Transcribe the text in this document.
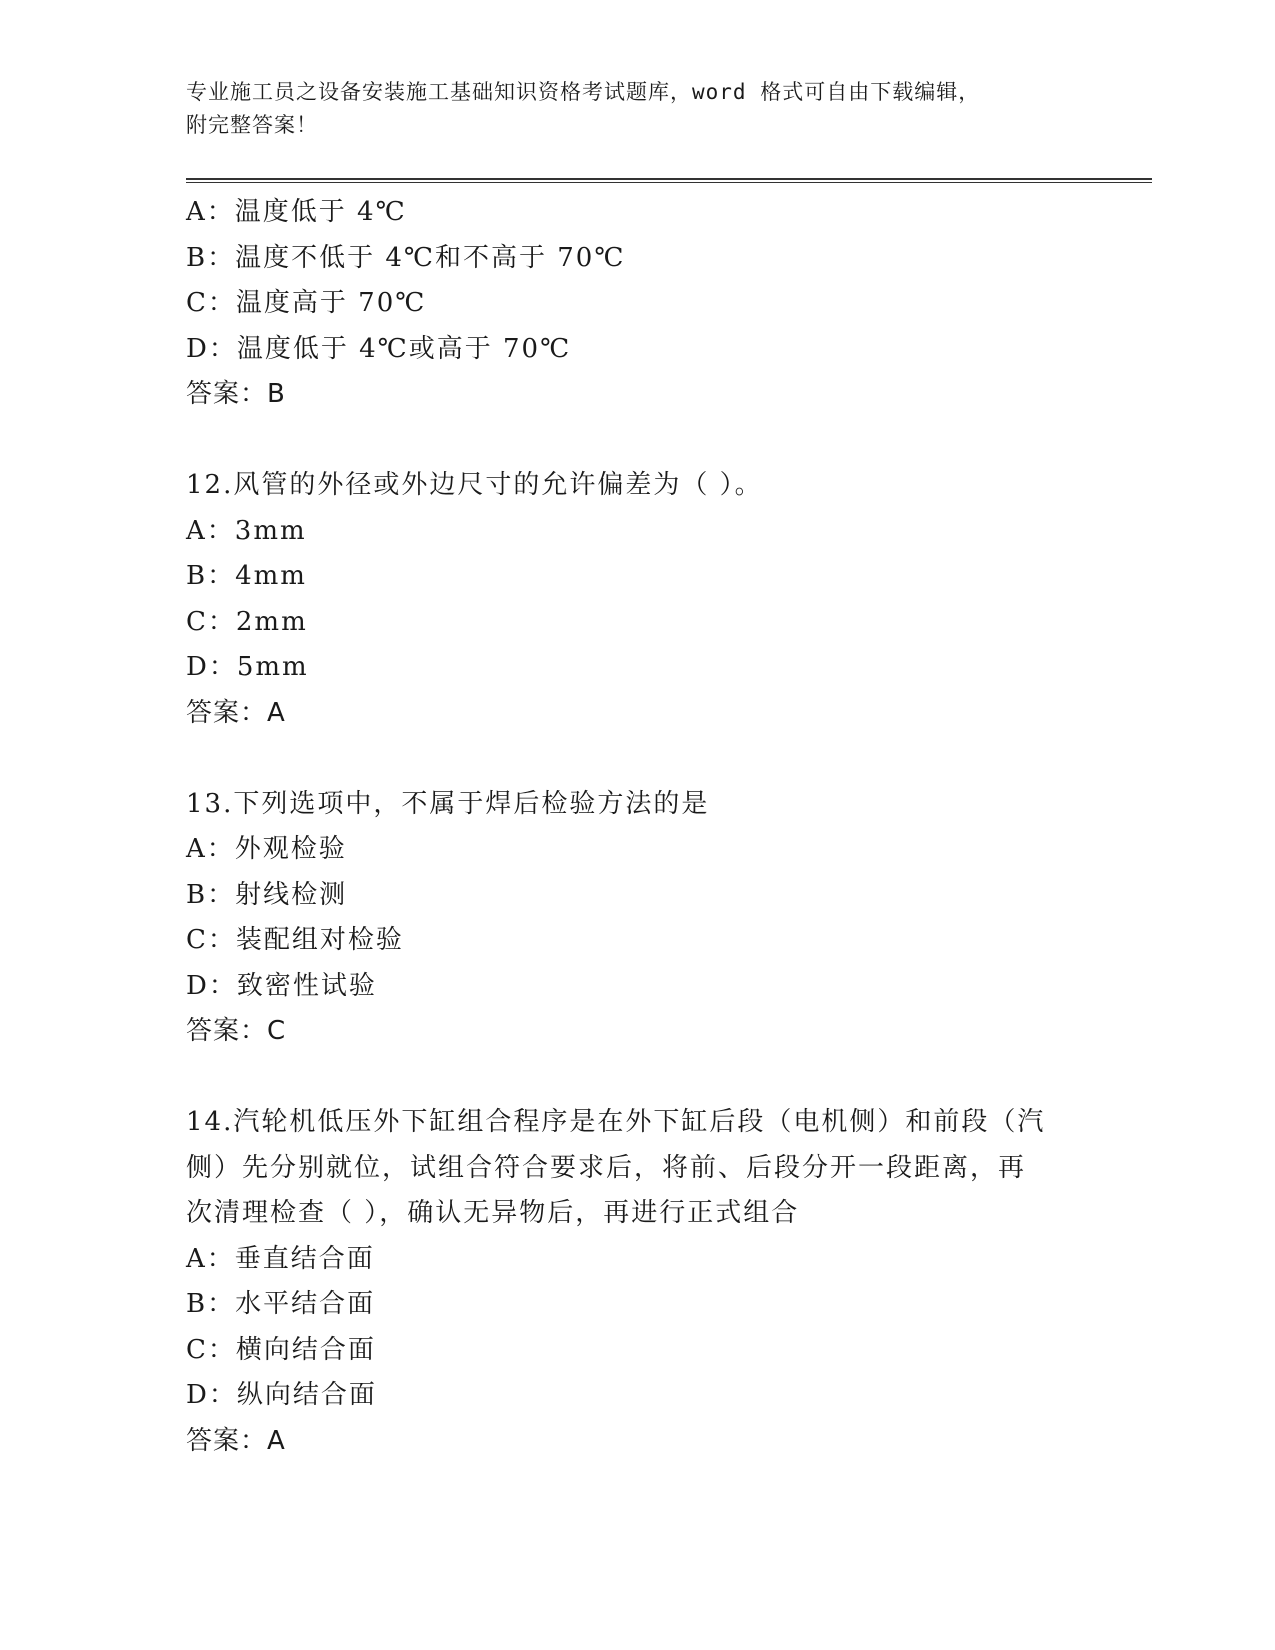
专业施工员之设备安装施工基础知识资格考试题库，word 格式可自由下载编辑，
附完整答案！
A：温度低于 4℃
B：温度不低于 4℃和不高于 70℃
C：温度高于 70℃
D：温度低于 4℃或高于 70℃
答案：B
12.风管的外径或外边尺寸的允许偏差为（ ）。
A：3mm
B：4mm
C：2mm
D：5mm
答案：A
13.下列选项中，不属于焊后检验方法的是
A：外观检验
B：射线检测
C：装配组对检验
D：致密性试验
答案：C
14.汽轮机低压外下缸组合程序是在外下缸后段（电机侧）和前段（汽
侧）先分别就位，试组合符合要求后，将前、后段分开一段距离，再
次清理检查（ ），确认无异物后，再进行正式组合
A：垂直结合面
B：水平结合面
C：横向结合面
D：纵向结合面
答案：A
